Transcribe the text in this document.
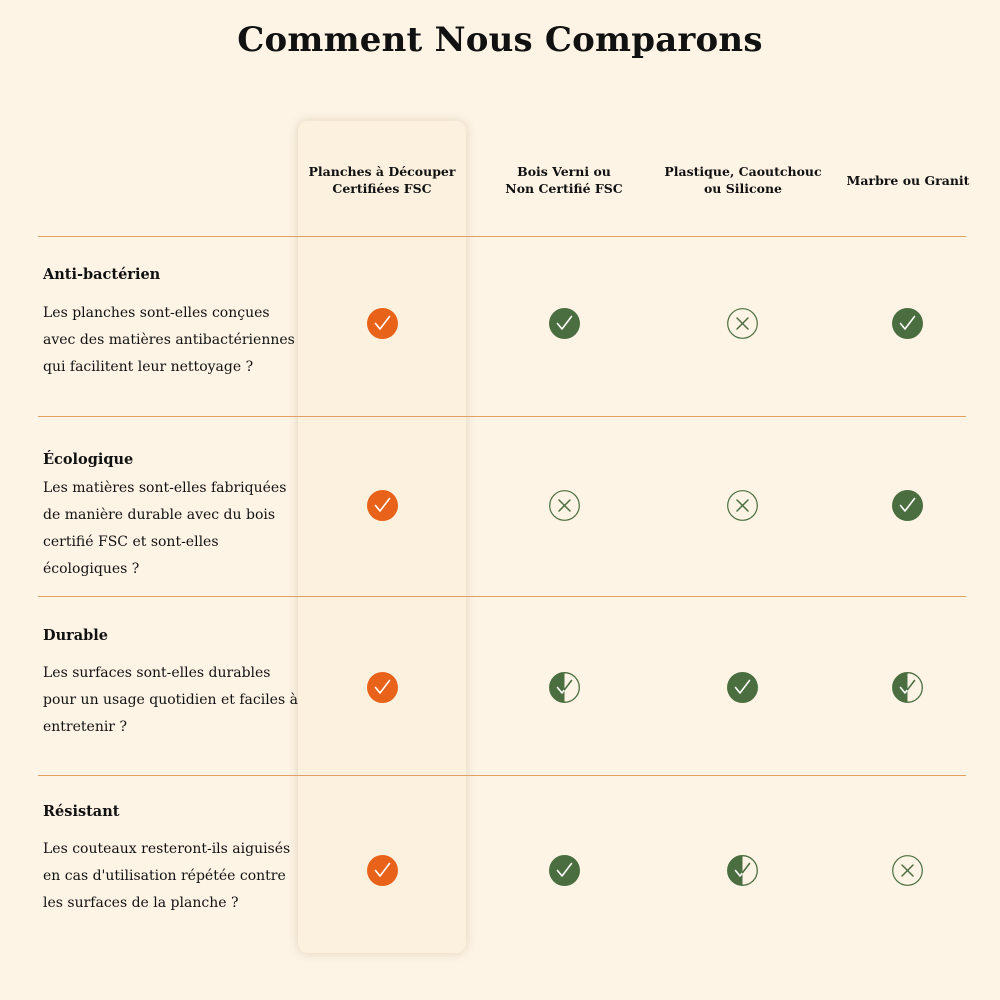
Comment Nous Comparons
Planches à Découper
Certifiées FSC
Bois Verni ou
Non Certifié FSC
Plastique, Caoutchouc
ou Silicone
Marbre ou Granit
Anti-bactérien
Les planches sont-elles conçues avec des matières antibactériennes qui facilitent leur nettoyage ?
Écologique
Les matières sont-elles fabriquées de manière durable avec du bois certifié FSC et sont-elles écologiques ?
Durable
Les surfaces sont-elles durables pour un usage quotidien et faciles à entretenir ?
Résistant
Les couteaux resteront-ils aiguisés en cas d'utilisation répétée contre les surfaces de la planche ?
